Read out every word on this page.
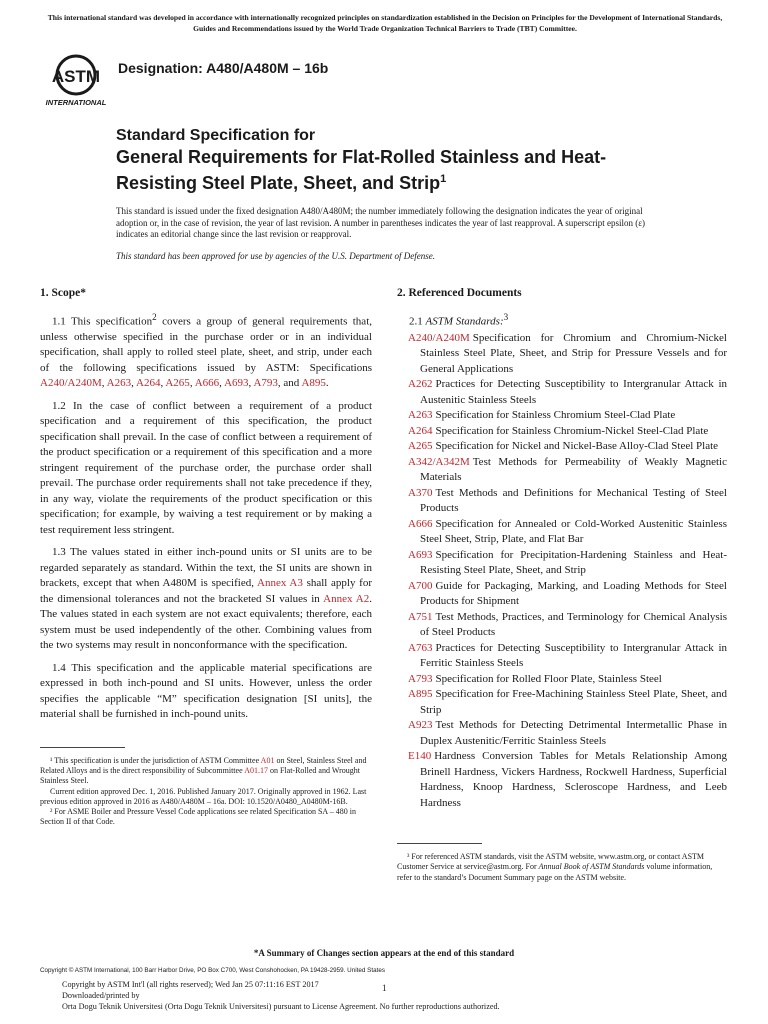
This international standard was developed in accordance with internationally recognized principles on standardization established in the Decision on Principles for the Development of International Standards, Guides and Recommendations issued by the World Trade Organization Technical Barriers to Trade (TBT) Committee.
ASTM
INTERNATIONAL
Designation: A480/A480M – 16b
Standard Specification for
General Requirements for Flat-Rolled Stainless and Heat-Resisting Steel Plate, Sheet, and Strip$^1$

This standard is issued under the fixed designation A480/A480M; the number immediately following the designation indicates the year of original adoption or, in the case of revision, the year of last revision. A number in parentheses indicates the year of last reapproval. A superscript epsilon (ε) indicates an editorial change since the last revision or reapproval.

This standard has been approved for use by agencies of the U.S. Department of Defense.

1. Scope*

1.1 This specification$^2$ covers a group of general requirements that, unless otherwise specified in the purchase order or in an individual specification, shall apply to rolled steel plate, sheet, and strip, under each of the following specifications issued by ASTM: Specifications A240/A240M, A263, A264, A265, A666, A693, A793, and A895.

1.2 In the case of conflict between a requirement of a product specification and a requirement of this specification, the product specification shall prevail. In the case of conflict between a requirement of the product specification or a requirement of this specification and a more stringent requirement of the purchase order, the purchase order shall prevail. The purchase order requirements shall not take precedence if they, in any way, violate the requirements of the product specification or this specification; for example, by waiving a test requirement or by making a test requirement less stringent.

1.3 The values stated in either inch-pound units or SI units are to be regarded separately as standard. Within the text, the SI units are shown in brackets, except that when A480M is specified, Annex A3 shall apply for the dimensional tolerances and not the bracketed SI values in Annex A2. The values stated in each system are not exact equivalents; therefore, each system must be used independently of the other. Combining values from the two systems may result in nonconformance with the specification.

1.4 This specification and the applicable material specifications are expressed in both inch-pound and SI units. However, unless the order specifies the applicable “M” specification designation [SI units], the material shall be furnished in inch-pound units.

¹ This specification is under the jurisdiction of ASTM Committee A01 on Steel, Stainless Steel and Related Alloys and is the direct responsibility of Subcommittee A01.17 on Flat-Rolled and Wrought Stainless Steel.

Current edition approved Dec. 1, 2016. Published January 2017. Originally approved in 1962. Last previous edition approved in 2016 as A480/A480M – 16a. DOI: 10.1520/A0480_A0480M-16B.

² For ASME Boiler and Pressure Vessel Code applications see related Specification SA – 480 in Section II of that Code.

2. Referenced Documents

2.1 ASTM Standards:$^3$

A240/A240M Specification for Chromium and Chromium-Nickel Stainless Steel Plate, Sheet, and Strip for Pressure Vessels and for General Applications

A262 Practices for Detecting Susceptibility to Intergranular Attack in Austenitic Stainless Steels

A263 Specification for Stainless Chromium Steel-Clad Plate

A264 Specification for Stainless Chromium-Nickel Steel-Clad Plate

A265 Specification for Nickel and Nickel-Base Alloy-Clad Steel Plate

A342/A342M Test Methods for Permeability of Weakly Magnetic Materials

A370 Test Methods and Definitions for Mechanical Testing of Steel Products

A666 Specification for Annealed or Cold-Worked Austenitic Stainless Steel Sheet, Strip, Plate, and Flat Bar

A693 Specification for Precipitation-Hardening Stainless and Heat-Resisting Steel Plate, Sheet, and Strip

A700 Guide for Packaging, Marking, and Loading Methods for Steel Products for Shipment

A751 Test Methods, Practices, and Terminology for Chemical Analysis of Steel Products

A763 Practices for Detecting Susceptibility to Intergranular Attack in Ferritic Stainless Steels

A793 Specification for Rolled Floor Plate, Stainless Steel

A895 Specification for Free-Machining Stainless Steel Plate, Sheet, and Strip

A923 Test Methods for Detecting Detrimental Intermetallic Phase in Duplex Austenitic/Ferritic Stainless Steels

E140 Hardness Conversion Tables for Metals Relationship Among Brinell Hardness, Vickers Hardness, Rockwell Hardness, Superficial Hardness, Knoop Hardness, Scleroscope Hardness, and Leeb Hardness

³ For referenced ASTM standards, visit the ASTM website, www.astm.org, or contact ASTM Customer Service at service@astm.org. For Annual Book of ASTM Standards volume information, refer to the standard’s Document Summary page on the ASTM website.

*A Summary of Changes section appears at the end of this standard
Copyright © ASTM International, 100 Barr Harbor Drive, PO Box C700, West Conshohocken, PA 19428-2959. United States
Copyright by ASTM Int'l (all rights reserved); Wed Jan 25 07:11:16 EST 2017
Downloaded/printed by
Orta Dogu Teknik Universitesi (Orta Dogu Teknik Universitesi) pursuant to License Agreement. No further reproductions authorized.
1
